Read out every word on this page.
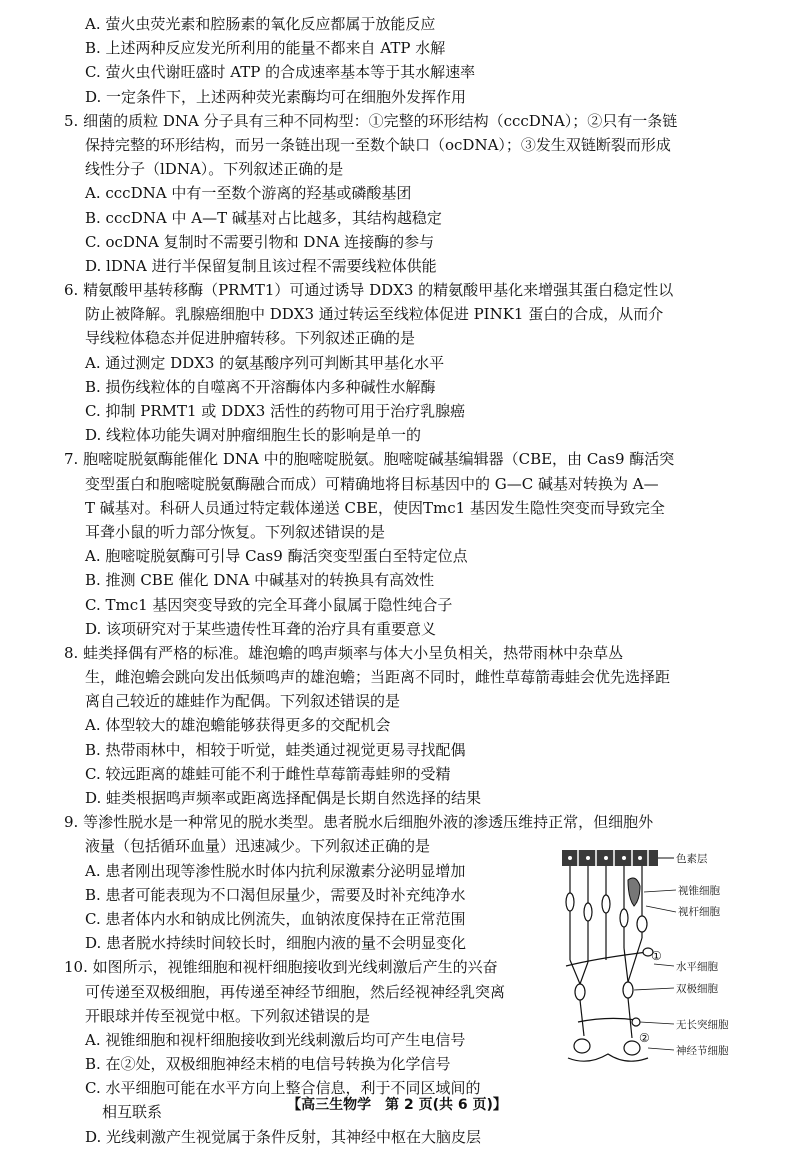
A. 萤火虫荧光素和腔肠素的氧化反应都属于放能反应
B. 上述两种反应发光所利用的能量不都来自 ATP 水解
C. 萤火虫代谢旺盛时 ATP 的合成速率基本等于其水解速率
D. 一定条件下，上述两种荧光素酶均可在细胞外发挥作用
5. 细菌的质粒 DNA 分子具有三种不同构型：①完整的环形结构（cccDNA）；②只有一条链
保持完整的环形结构，而另一条链出现一至数个缺口（ocDNA）；③发生双链断裂而形成
线性分子（lDNA）。下列叙述正确的是
A. cccDNA 中有一至数个游离的羟基或磷酸基团
B. cccDNA 中 A—T 碱基对占比越多，其结构越稳定
C. ocDNA 复制时不需要引物和 DNA 连接酶的参与
D. lDNA 进行半保留复制且该过程不需要线粒体供能
6. 精氨酸甲基转移酶（PRMT1）可通过诱导 DDX3 的精氨酸甲基化来增强其蛋白稳定性以
防止被降解。乳腺癌细胞中 DDX3 通过转运至线粒体促进 PINK1 蛋白的合成，从而介
导线粒体稳态并促进肿瘤转移。下列叙述正确的是
A. 通过测定 DDX3 的氨基酸序列可判断其甲基化水平
B. 损伤线粒体的自噬离不开溶酶体内多种碱性水解酶
C. 抑制 PRMT1 或 DDX3 活性的药物可用于治疗乳腺癌
D. 线粒体功能失调对肿瘤细胞生长的影响是单一的
7. 胞嘧啶脱氨酶能催化 DNA 中的胞嘧啶脱氨。胞嘧啶碱基编辑器（CBE，由 Cas9 酶活突
变型蛋白和胞嘧啶脱氨酶融合而成）可精确地将目标基因中的 G—C 碱基对转换为 A—
T 碱基对。科研人员通过特定载体递送 CBE，使因Tmc1 基因发生隐性突变而导致完全
耳聋小鼠的听力部分恢复。下列叙述错误的是
A. 胞嘧啶脱氨酶可引导 Cas9 酶活突变型蛋白至特定位点
B. 推测 CBE 催化 DNA 中碱基对的转换具有高效性
C. Tmc1 基因突变导致的完全耳聋小鼠属于隐性纯合子
D. 该项研究对于某些遗传性耳聋的治疗具有重要意义
8. 蛙类择偶有严格的标准。雄泡蟾的鸣声频率与体大小呈负相关，热带雨林中杂草丛
生，雌泡蟾会跳向发出低频鸣声的雄泡蟾；当距离不同时，雌性草莓箭毒蛙会优先选择距
离自己较近的雄蛙作为配偶。下列叙述错误的是
A. 体型较大的雄泡蟾能够获得更多的交配机会
B. 热带雨林中，相较于听觉，蛙类通过视觉更易寻找配偶
C. 较远距离的雄蛙可能不利于雌性草莓箭毒蛙卵的受精
D. 蛙类根据鸣声频率或距离选择配偶是长期自然选择的结果
9. 等渗性脱水是一种常见的脱水类型。患者脱水后细胞外液的渗透压维持正常，但细胞外
液量（包括循环血量）迅速减少。下列叙述正确的是
A. 患者刚出现等渗性脱水时体内抗利尿激素分泌明显增加
B. 患者可能表现为不口渴但尿量少，需要及时补充纯净水
C. 患者体内水和钠成比例流失，血钠浓度保持在正常范围
D. 患者脱水持续时间较长时，细胞内液的量不会明显变化
10. 如图所示，视锥细胞和视杆细胞接收到光线刺激后产生的兴奋
可传递至双极细胞，再传递至神经节细胞，然后经视神经乳突离
开眼球并传至视觉中枢。下列叙述错误的是
A. 视锥细胞和视杆细胞接收到光线刺激后均可产生电信号
B. 在②处，双极细胞神经末梢的电信号转换为化学信号
C. 水平细胞可能在水平方向上整合信息，利于不同区域间的
相互联系
D. 光线刺激产生视觉属于条件反射，其神经中枢在大脑皮层
①
②
色素层
视锥细胞
视杆细胞
水平细胞
双极细胞
无长突细胞
神经节细胞
【高三生物学　第 2 页(共 6 页)】
